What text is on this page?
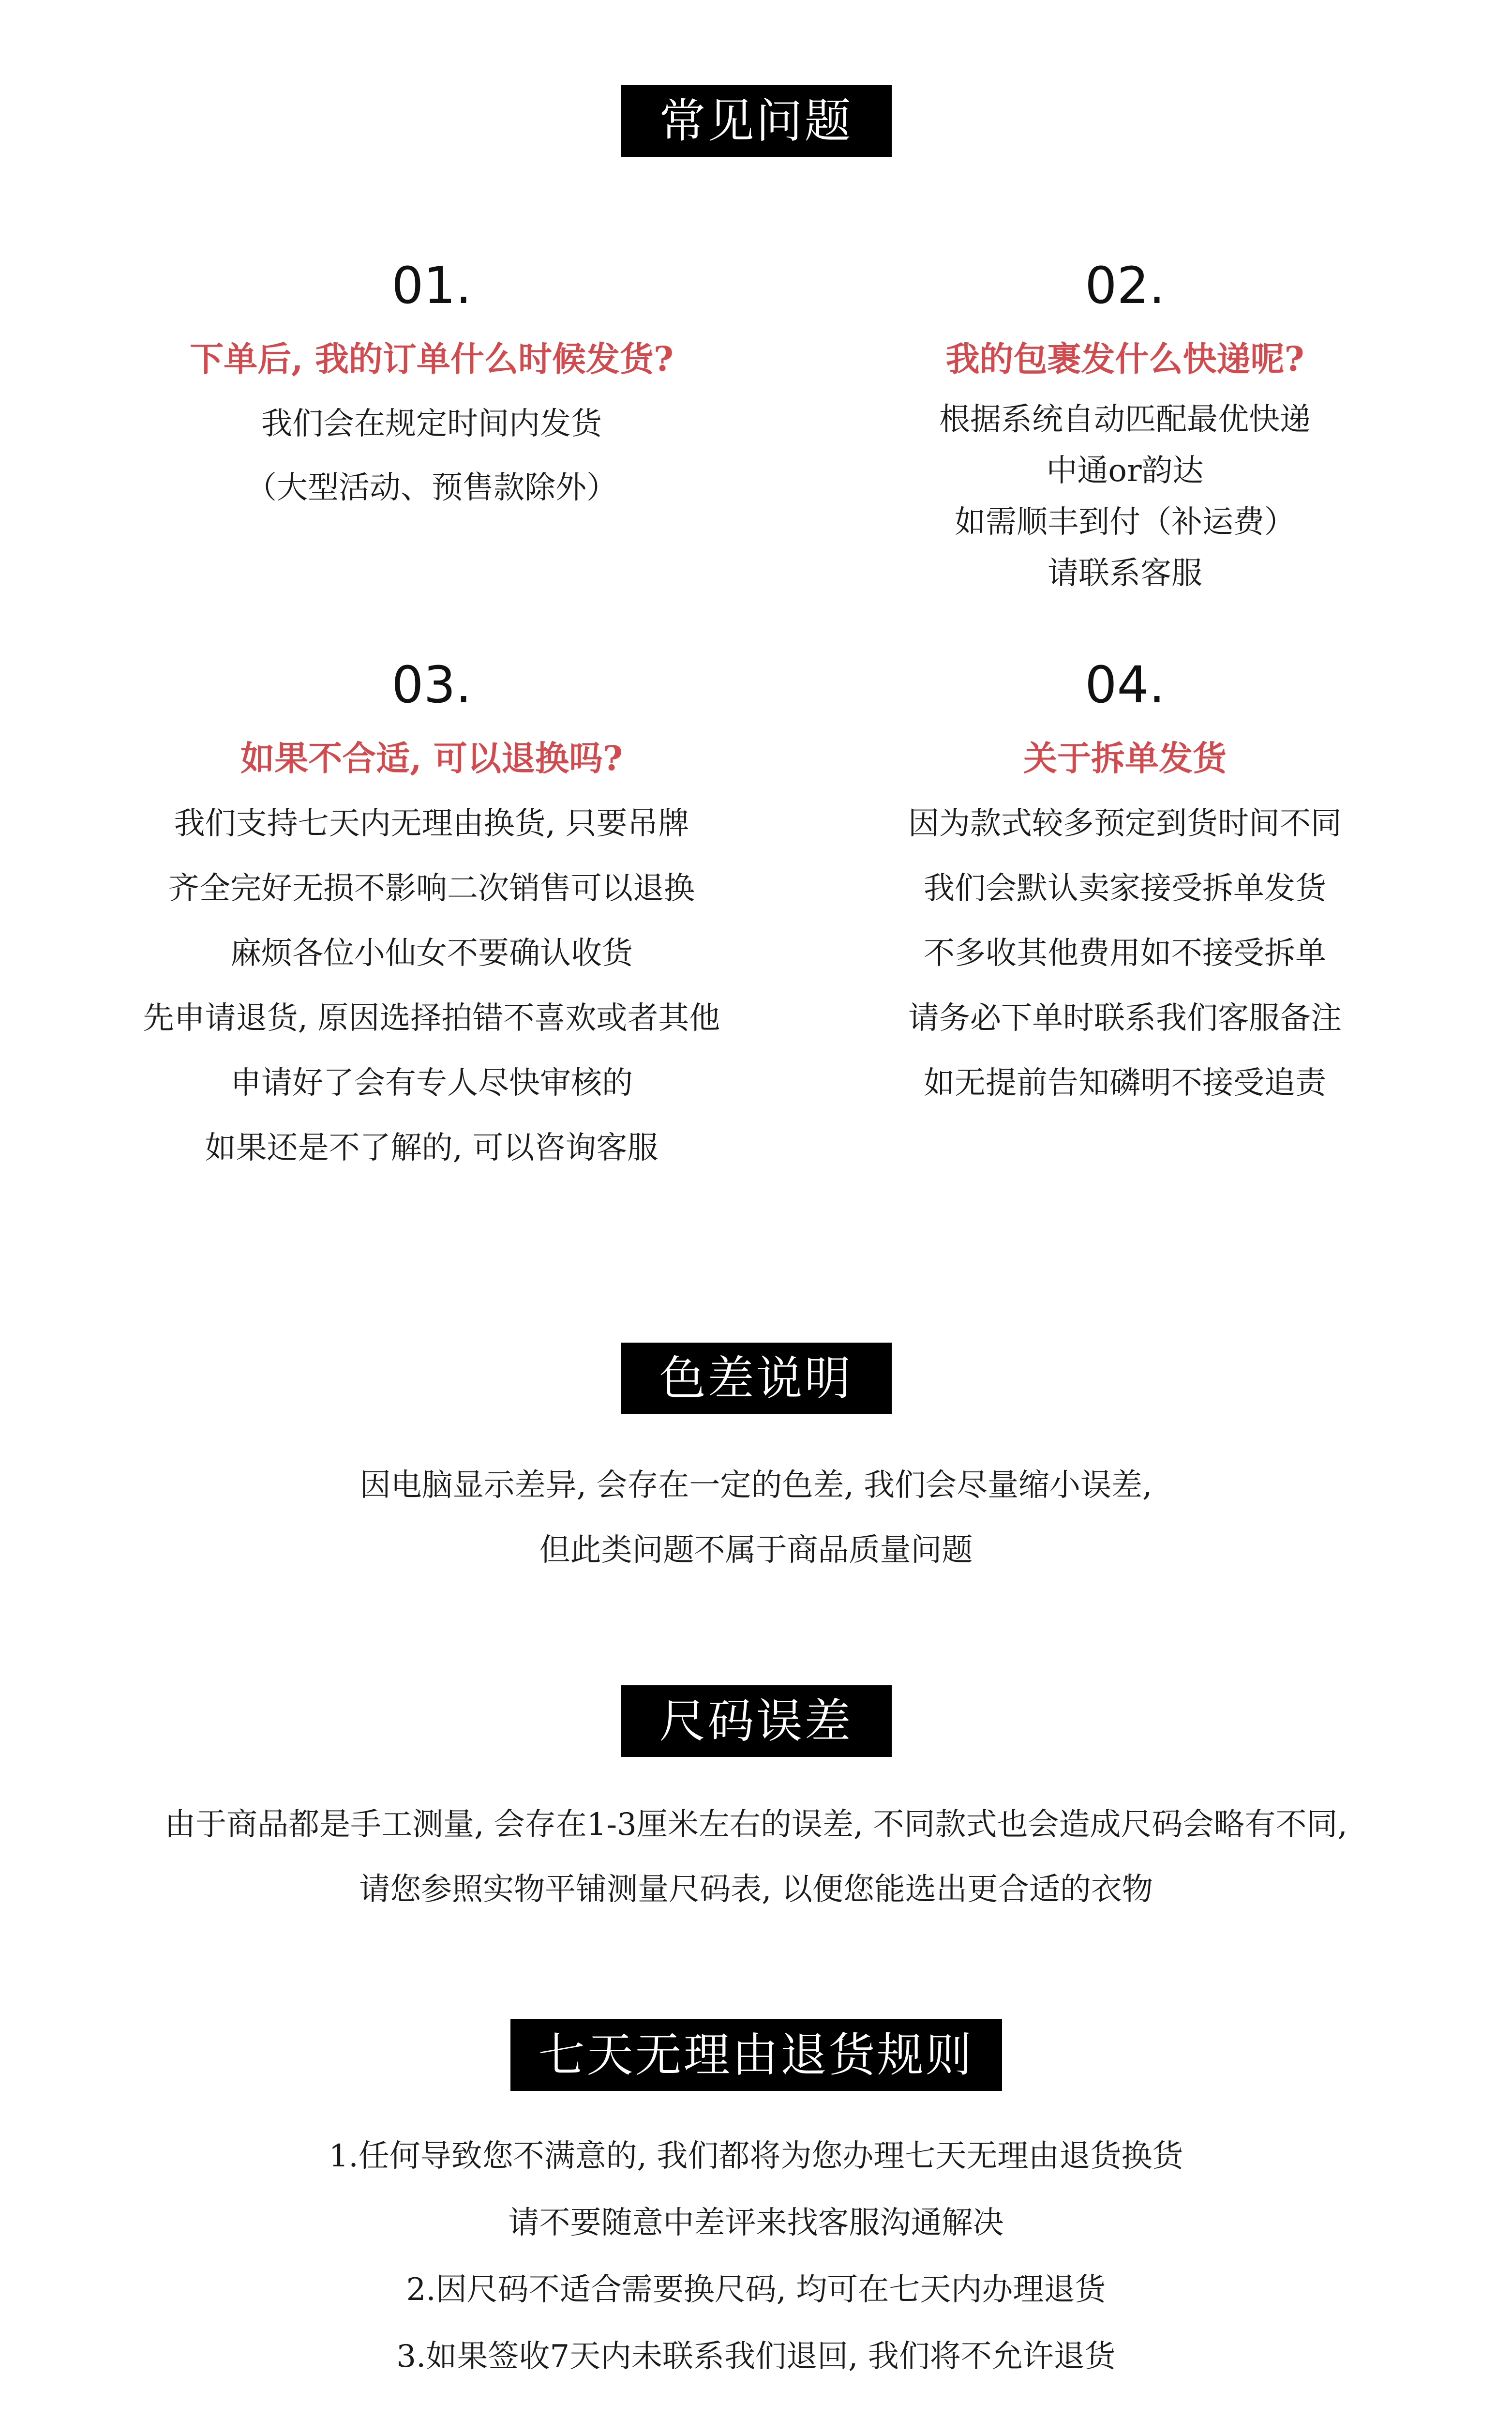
常见问题
01.
下单后, 我的订单什么时候发货?
我们会在规定时间内发货
（大型活动、预售款除外）
02.
我的包裹发什么快递呢?
根据系统自动匹配最优快递
中通or韵达
如需顺丰到付（补运费）
请联系客服
03.
如果不合适, 可以退换吗?
我们支持七天内无理由换货, 只要吊牌
齐全完好无损不影响二次销售可以退换
麻烦各位小仙女不要确认收货
先申请退货, 原因选择拍错不喜欢或者其他
申请好了会有专人尽快审核的
如果还是不了解的, 可以咨询客服
04.
关于拆单发货
因为款式较多预定到货时间不同
我们会默认卖家接受拆单发货
不多收其他费用如不接受拆单
请务必下单时联系我们客服备注
如无提前告知磷明不接受追责
色差说明
因电脑显示差异, 会存在一定的色差, 我们会尽量缩小误差,
但此类问题不属于商品质量问题
尺码误差
由于商品都是手工测量, 会存在1-3厘米左右的误差, 不同款式也会造成尺码会略有不同,
请您参照实物平铺测量尺码表, 以便您能选出更合适的衣物
七天无理由退货规则
1.任何导致您不满意的, 我们都将为您办理七天无理由退货换货
请不要随意中差评来找客服沟通解决
2.因尺码不适合需要换尺码, 均可在七天内办理退货
3.如果签收7天内未联系我们退回, 我们将不允许退货
